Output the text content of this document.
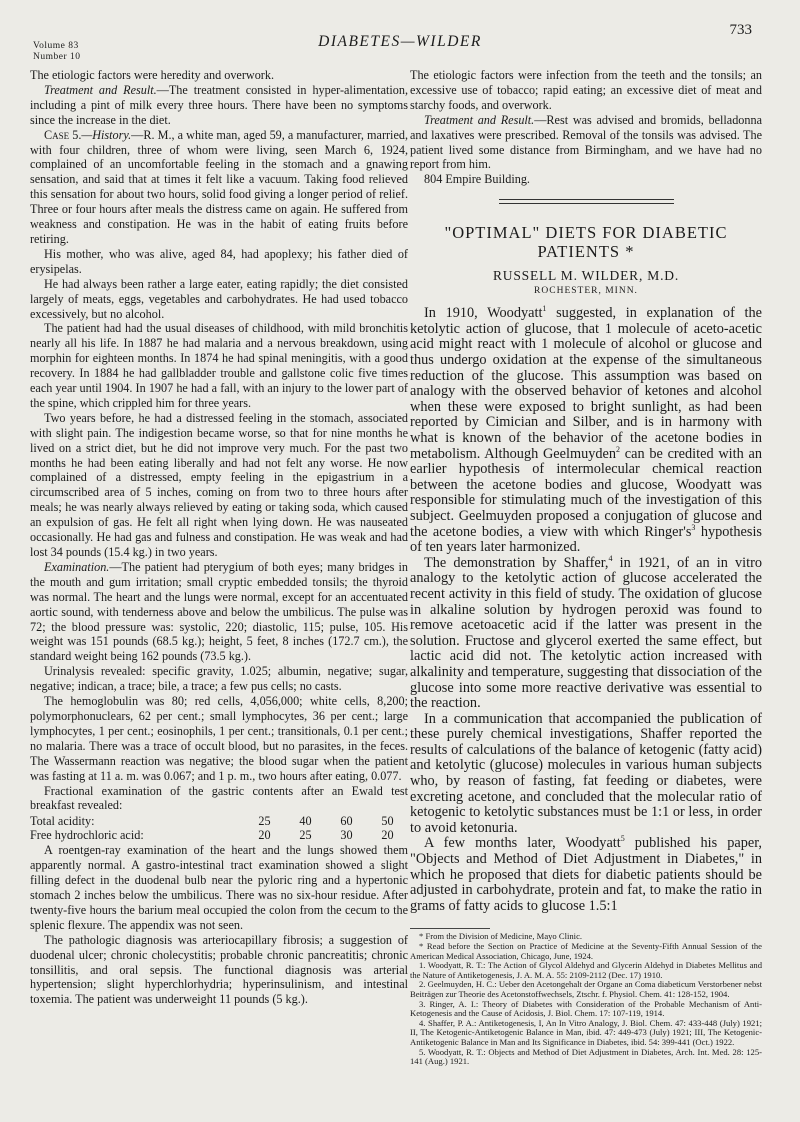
Volume 83
Number 10
DIABETES—WILDER
733

The etiologic factors were heredity and overwork.

Treatment and Result.—The treatment consisted in hyper-alimentation, including a pint of milk every three hours. There have been no symptoms since the increase in the diet.

Case 5.—History.—R. M., a white man, aged 59, a manufacturer, married, with four children, three of whom were living, seen March 6, 1924, complained of an uncomfortable feeling in the stomach and a gnawing sensation, and said that at times it felt like a vacuum. Taking food relieved this sensation for about two hours, solid food giving a longer period of relief. Three or four hours after meals the distress came on again. He suffered from weakness and constipation. He was in the habit of eating fruits before retiring.

His mother, who was alive, aged 84, had apoplexy; his father died of erysipelas.

He had always been rather a large eater, eating rapidly; the diet consisted largely of meats, eggs, vegetables and carbohydrates. He had used tobacco excessively, but no alcohol.

The patient had had the usual diseases of childhood, with mild bronchitis nearly all his life. In 1887 he had malaria and a nervous breakdown, using morphin for eighteen months. In 1874 he had spinal meningitis, with a good recovery. In 1884 he had gallbladder trouble and gallstone colic five times each year until 1904. In 1907 he had a fall, with an injury to the lower part of the spine, which crippled him for three years.

Two years before, he had a distressed feeling in the stomach, associated with slight pain. The indigestion became worse, so that for nine months he lived on a strict diet, but he did not improve very much. For the past two months he had been eating liberally and had not felt any worse. He now complained of a distressed, empty feeling in the epigastrium in a circumscribed area of 5 inches, coming on from two to three hours after meals; he was nearly always relieved by eating or taking soda, which caused an expulsion of gas. He felt all right when lying down. He was nauseated occasionally. He had gas and fulness and constipation. He was weak and had lost 34 pounds (15.4 kg.) in two years.

Examination.—The patient had pterygium of both eyes; many bridges in the mouth and gum irritation; small cryptic embedded tonsils; the thyroid was normal. The heart and the lungs were normal, except for an accentuated aortic sound, with tenderness above and below the umbilicus. The pulse was 72; the blood pressure was: systolic, 220; diastolic, 115; pulse, 105. His weight was 151 pounds (68.5 kg.); height, 5 feet, 8 inches (172.7 cm.), the standard weight being 162 pounds (73.5 kg.).

Urinalysis revealed: specific gravity, 1.025; albumin, negative; sugar, negative; indican, a trace; bile, a trace; a few pus cells; no casts.

The hemoglobulin was 80; red cells, 4,056,000; white cells, 8,200; polymorphonuclears, 62 per cent.; small lymphocytes, 36 per cent.; large lymphocytes, 1 per cent.; eosinophils, 1 per cent.; transitionals, 0.1 per cent.; no malaria. There was a trace of occult blood, but no parasites, in the feces. The Wassermann reaction was negative; the blood sugar when the patient was fasting at 11 a. m. was 0.067; and 1 p. m., two hours after eating, 0.077.

Fractional examination of the gastric contents after an Ewald test breakfast revealed:

Total acidity:	25	40	60	50
Free hydrochloric acid:	20	25	30	20

A roentgen-ray examination of the heart and the lungs showed them apparently normal. A gastro-intestinal tract examination showed a slight filling defect in the duodenal bulb near the pyloric ring and a hypertonic stomach 2 inches below the umbilicus. There was no six-hour residue. After twenty-five hours the barium meal occupied the colon from the cecum to the splenic flexure. The appendix was not seen.

The pathologic diagnosis was arteriocapillary fibrosis; a suggestion of duodenal ulcer; chronic cholecystitis; probable chronic pancreatitis; chronic tonsillitis, and oral sepsis. The functional diagnosis was arterial hypertension; slight hyperchlorhydria; hyperinsulinism, and intestinal toxemia. The patient was underweight 11 pounds (5 kg.).

The etiologic factors were infection from the teeth and the tonsils; an excessive use of tobacco; rapid eating; an excessive diet of meat and starchy foods, and overwork.

Treatment and Result.—Rest was advised and bromids, belladonna and laxatives were prescribed. Removal of the tonsils was advised. The patient lived some distance from Birmingham, and we have had no report from him.

804 Empire Building.

"OPTIMAL" DIETS FOR DIABETIC
PATIENTS *
RUSSELL M. WILDER, M.D.
ROCHESTER, MINN.

In 1910, Woodyatt$^1$ suggested, in explanation of the ketolytic action of glucose, that 1 molecule of aceto-acetic acid might react with 1 molecule of alcohol or glucose and thus undergo oxidation at the expense of the simultaneous reduction of the glucose. This assumption was based on analogy with the observed behavior of ketones and alcohol when these were exposed to bright sunlight, as had been reported by Cimician and Silber, and is in harmony with what is known of the behavior of the acetone bodies in metabolism. Although Geelmuyden$^2$ can be credited with an earlier hypothesis of intermolecular chemical reaction between the acetone bodies and glucose, Woodyatt was responsible for stimulating much of the investigation of this subject. Geelmuyden proposed a conjugation of glucose and the acetone bodies, a view with which $Ringer's^3$ hypothesis of ten years later harmonized.

The demonstration by Shaffer,$^4$ in 1921, of an in vitro analogy to the ketolytic action of glucose accelerated the recent activity in this field of study. The oxidation of glucose in alkaline solution by hydrogen peroxid was found to remove acetoacetic acid if the latter was present in the solution. Fructose and glycerol exerted the same effect, but lactic acid did not. The ketolytic action increased with alkalinity and temperature, suggesting that dissociation of the glucose into some more reactive derivative was essential to the reaction.

In a communication that accompanied the publication of these purely chemical investigations, Shaffer reported the results of calculations of the balance of ketogenic (fatty acid) and ketolytic (glucose) molecules in various human subjects who, by reason of fasting, fat feeding or diabetes, were excreting acetone, and concluded that the molecular ratio of ketogenic to ketolytic substances must be 1:1 or less, in order to avoid ketonuria.

A few months later, Woodyatt$^5$ published his paper, "Objects and Method of Diet Adjustment in Diabetes," in which he proposed that diets for diabetic patients should be adjusted in carbohydrate, protein and fat, to make the ratio in grams of fatty acids to glucose 1.5:1

* From the Division of Medicine, Mayo Clinic.

* Read before the Section on Practice of Medicine at the Seventy-Fifth Annual Session of the American Medical Association, Chicago, June, 1924.

1. Woodyatt, R. T.: The Action of Glycol Aldehyd and Glycerin Aldehyd in Diabetes Mellitus and the Nature of Antiketogenesis, J. A. M. A. 55: 2109-2112 (Dec. 17) 1910.

2. Geelmuyden, H. C.: Ueber den Acetongehalt der Organe an Coma diabeticum Verstorbener nebst Beiträgen zur Theorie des Acetonstoffwechsels, Ztschr. f. Physiol. Chem. 41: 128-152, 1904.

3. Ringer, A. I.: Theory of Diabetes with Consideration of the Probable Mechanism of Anti-Ketogenesis and the Cause of Acidosis, J. Biol. Chem. 17: 107-119, 1914.

4. Shaffer, P. A.: Antiketogenesis, I, An In Vitro Analogy, J. Biol. Chem. 47: 433-448 (July) 1921; II, The Ketogenic-Antiketogenic Balance in Man, ibid. 47: 449-473 (July) 1921; III, The Ketogenic-Antiketogenic Balance in Man and Its Significance in Diabetes, ibid. 54: 399-441 (Oct.) 1922.

5. Woodyatt, R. T.: Objects and Method of Diet Adjustment in Diabetes, Arch. Int. Med. 28: 125-141 (Aug.) 1921.
